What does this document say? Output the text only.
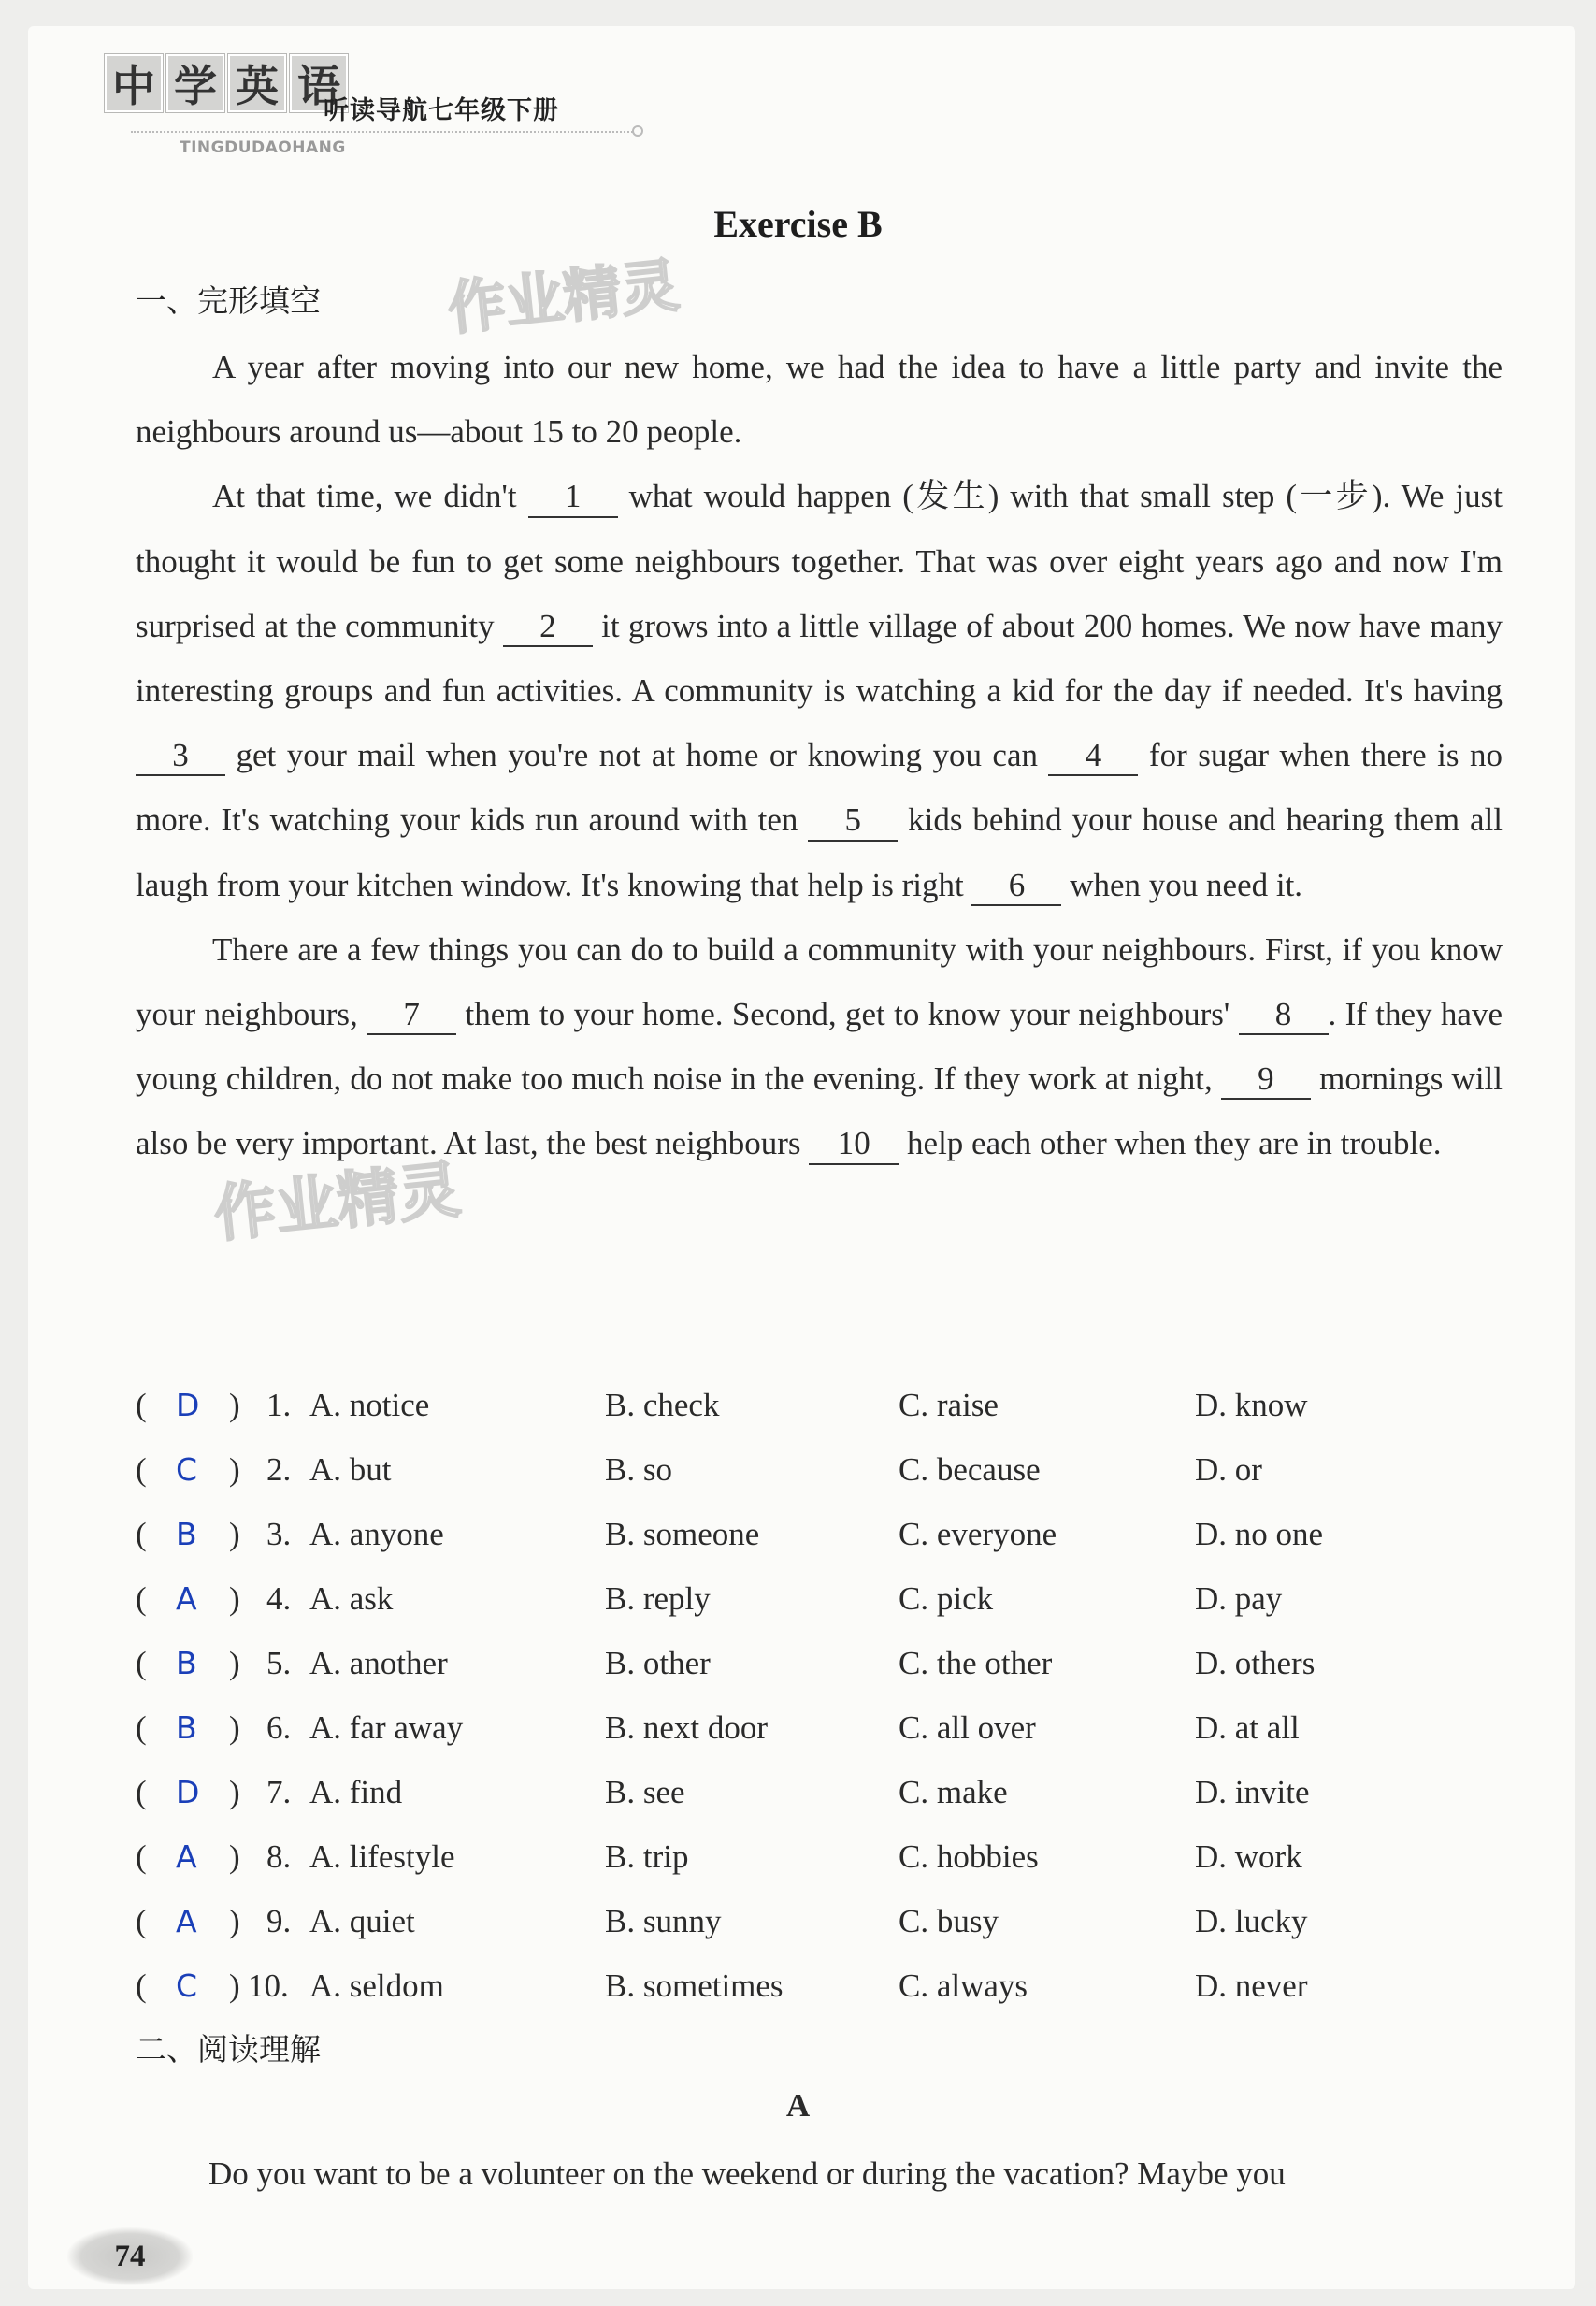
中 学 英 语
听读导航七年级下册
TINGDUDAOHANG
Exercise B
一、完形填空 作业精灵
作业精灵

A year after moving into our new home, we had the idea to have a little party and invite the neighbours around us—about 15 to 20 people.

At that time, we didn't 1 what would happen (发生) with that small step (一步). We just thought it would be fun to get some neighbours together. That was over eight years ago and now I'm surprised at the community 2 it grows into a little village of about 200 homes. We now have many interesting groups and fun activities. A community is watching a kid for the day if needed. It's having 3 get your mail when you're not at home or knowing you can 4 for sugar when there is no more. It's watching your kids run around with ten 5 kids behind your house and hearing them all laugh from your kitchen window. It's knowing that help is right 6 when you need it.

There are a few things you can do to build a community with your neighbours. First, if you know your neighbours, 7 them to your home. Second, get to know your neighbours' 8 . If they have young children, do not make too much noise in the evening. If they work at night, 9 mornings will also be very important. At last, the best neighbours 10 help each other when they are in trouble.

( D ) 1. A. notice	B. check	C. raise	D. know
( C ) 2. A. but	B. so	C. because	D. or
( B ) 3. A. anyone	B. someone	C. everyone	D. no one
( A ) 4. A. ask	B. reply	C. pick	D. pay
( B ) 5. A. another	B. other	C. the other	D. others
( B ) 6. A. far away	B. next door	C. all over	D. at all
( D ) 7. A. find	B. see	C. make	D. invite
( A ) 8. A. lifestyle	B. trip	C. hobbies	D. work
( A ) 9. A. quiet	B. sunny	C. busy	D. lucky
( C ) 10. A. seldom	B. sometimes	C. always	D. never
二、阅读理解
A

Do you want to be a volunteer on the weekend or during the vacation? Maybe you

74
